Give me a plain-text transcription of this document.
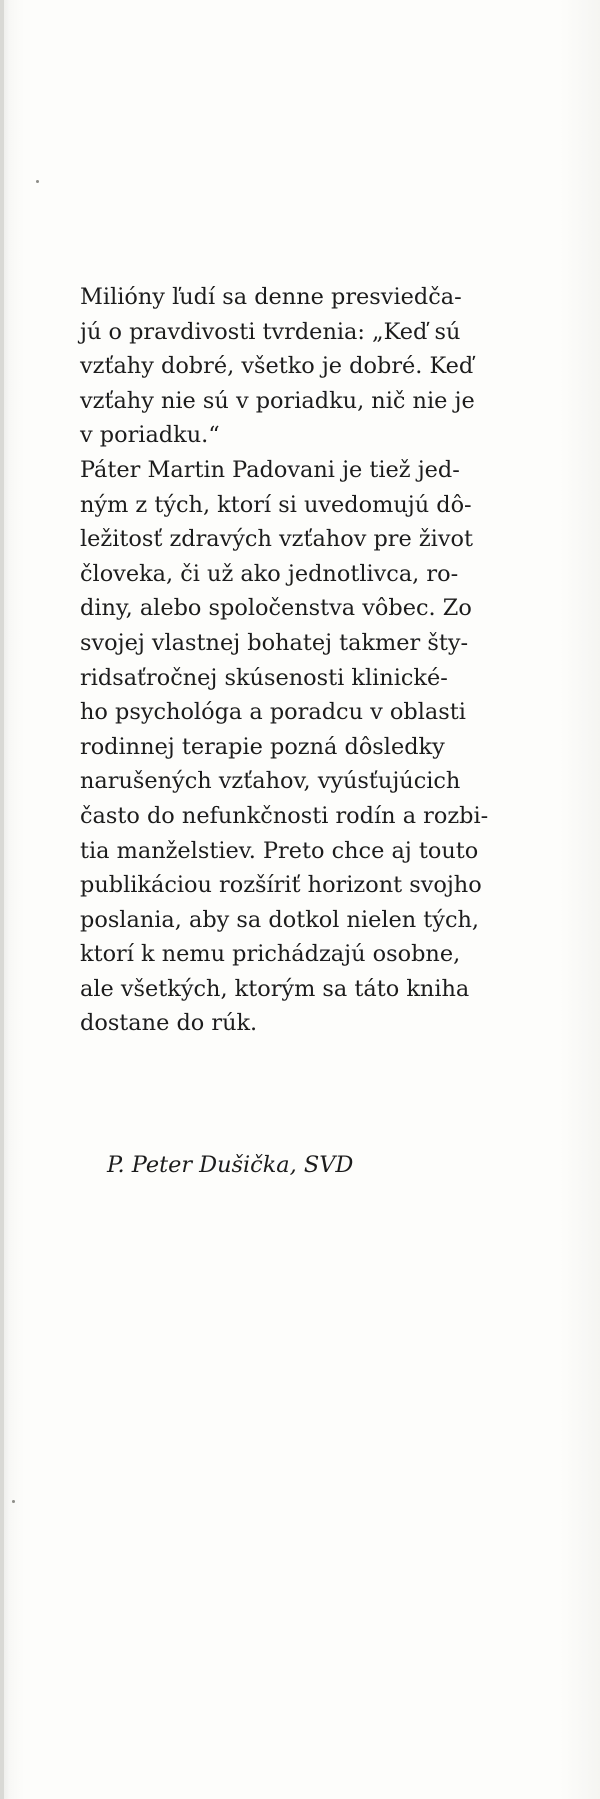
Milióny ľudí sa denne presviedča-
jú o pravdivosti tvrdenia: „Keď sú
vzťahy dobré, všetko je dobré. Keď
vzťahy nie sú v poriadku, nič nie je
v poriadku.“
Páter Martin Padovani je tiež jed-
ným z tých, ktorí si uvedomujú dô-
ležitosť zdravých vzťahov pre život
človeka, či už ako jednotlivca, ro-
diny, alebo spoločenstva vôbec. Zo
svojej vlastnej bohatej takmer šty-
ridsaťročnej skúsenosti klinické-
ho psychológa a poradcu v oblasti
rodinnej terapie pozná dôsledky
narušených vzťahov, vyúsťujúcich
často do nefunkčnosti rodín a rozbi-
tia manželstiev. Preto chce aj touto
publikáciou rozšíriť horizont svojho
poslania, aby sa dotkol nielen tých,
ktorí k nemu prichádzajú osobne,
ale všetkých, ktorým sa táto kniha
dostane do rúk.
P. Peter Dušička, SVD
